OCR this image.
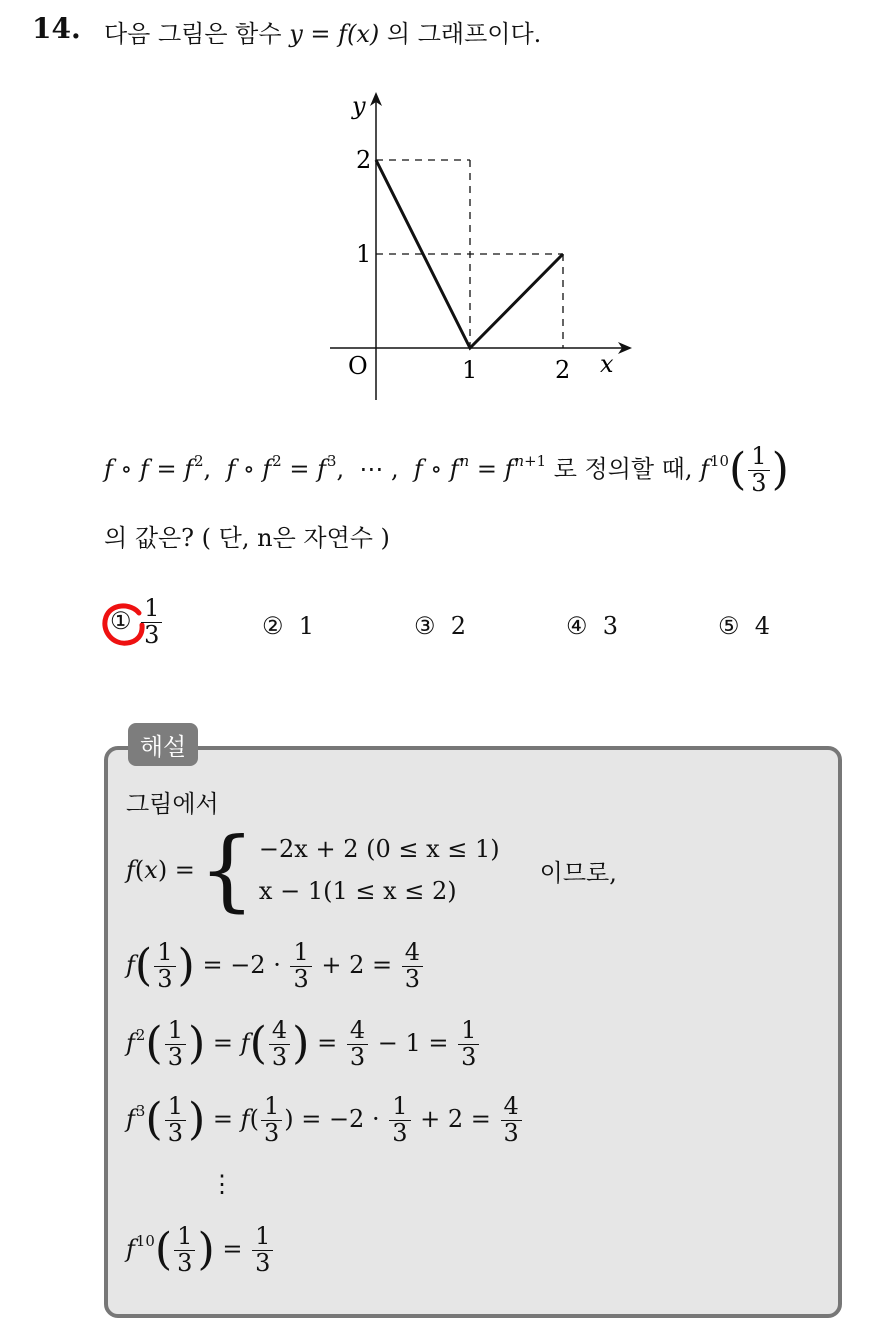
14. 다음 그림은 함수 y = f(x) 의 그래프이다.
y
x
O
2
1
1	2
f ∘ $f = f^2$,  f ∘ $f^2 = f^3$,  ⋯ ,  f ∘ $f^n = f^{n+1}$ 로 정의할 때, $f^{10}( \frac{1}{3}$ )
의 값은? ( 단, n은 자연수 )
① $\frac{1}{3}$	② 1	③ 2	④ 3	⑤ 4
해설
그림에서
f(x) = { −2x + 2 (0 ≤ x ≤ 1)
x − 1(1 ≤ x ≤ 2)
이므로,
$f( \frac{1}{3}$ ) = $-2 \cdot \frac{1}{3} + 2 = \frac{4}{3}$
$f^2( \frac{1}{3}$ ) = $f( \frac{4}{3}$ ) = $\frac{4}{3} - 1 = \frac{1}{3}$
$f^3( \frac{1}{3}$ ) = $f( \frac{1}{3}$ ) = $-2 \cdot \frac{1}{3} + 2 = \frac{4}{3}$
⋮
$f^{10}( \frac{1}{3}$ ) = $\frac{1}{3}$
